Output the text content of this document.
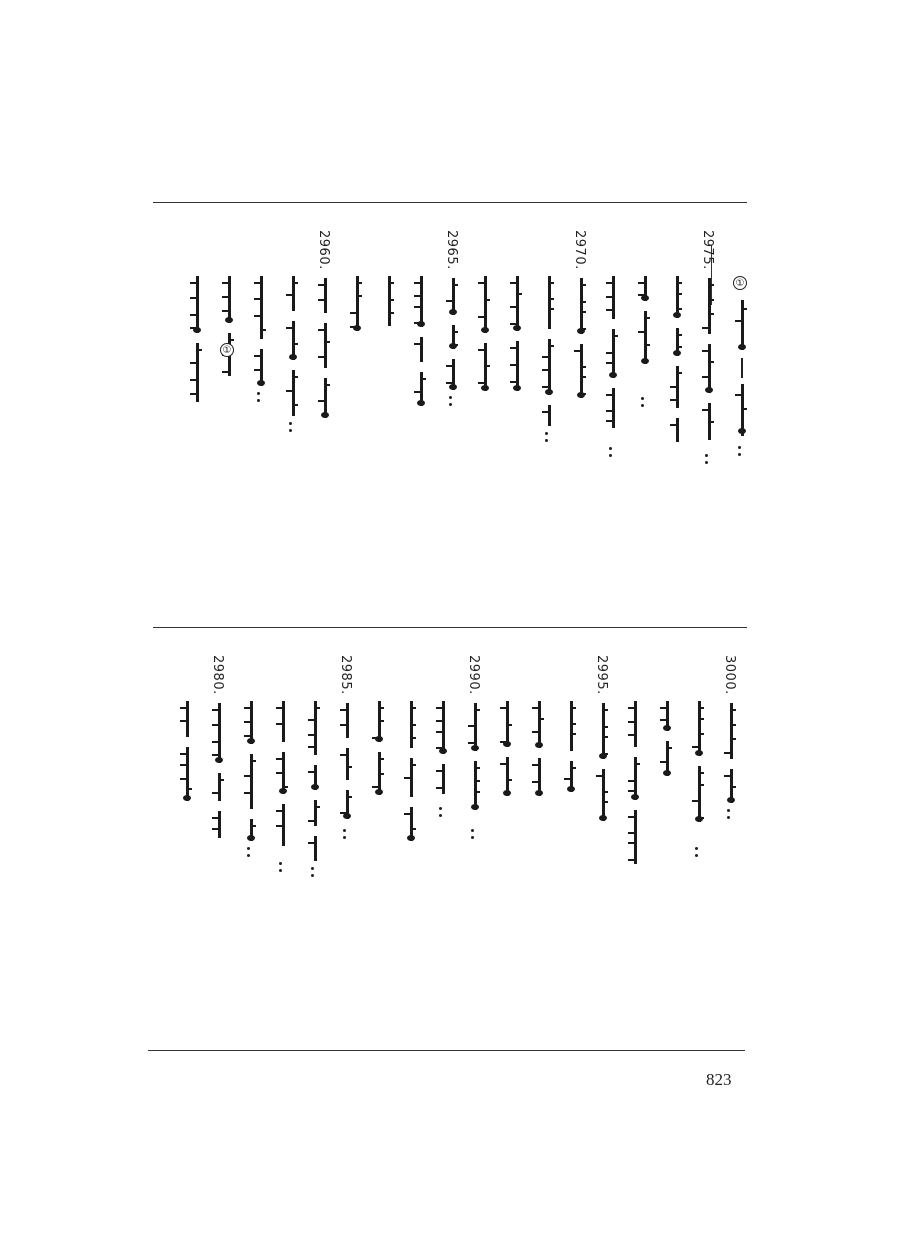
①
2975.
2970.
2965.
2960.
①
3000.
2995.
2990.
2985.
2980.
823
